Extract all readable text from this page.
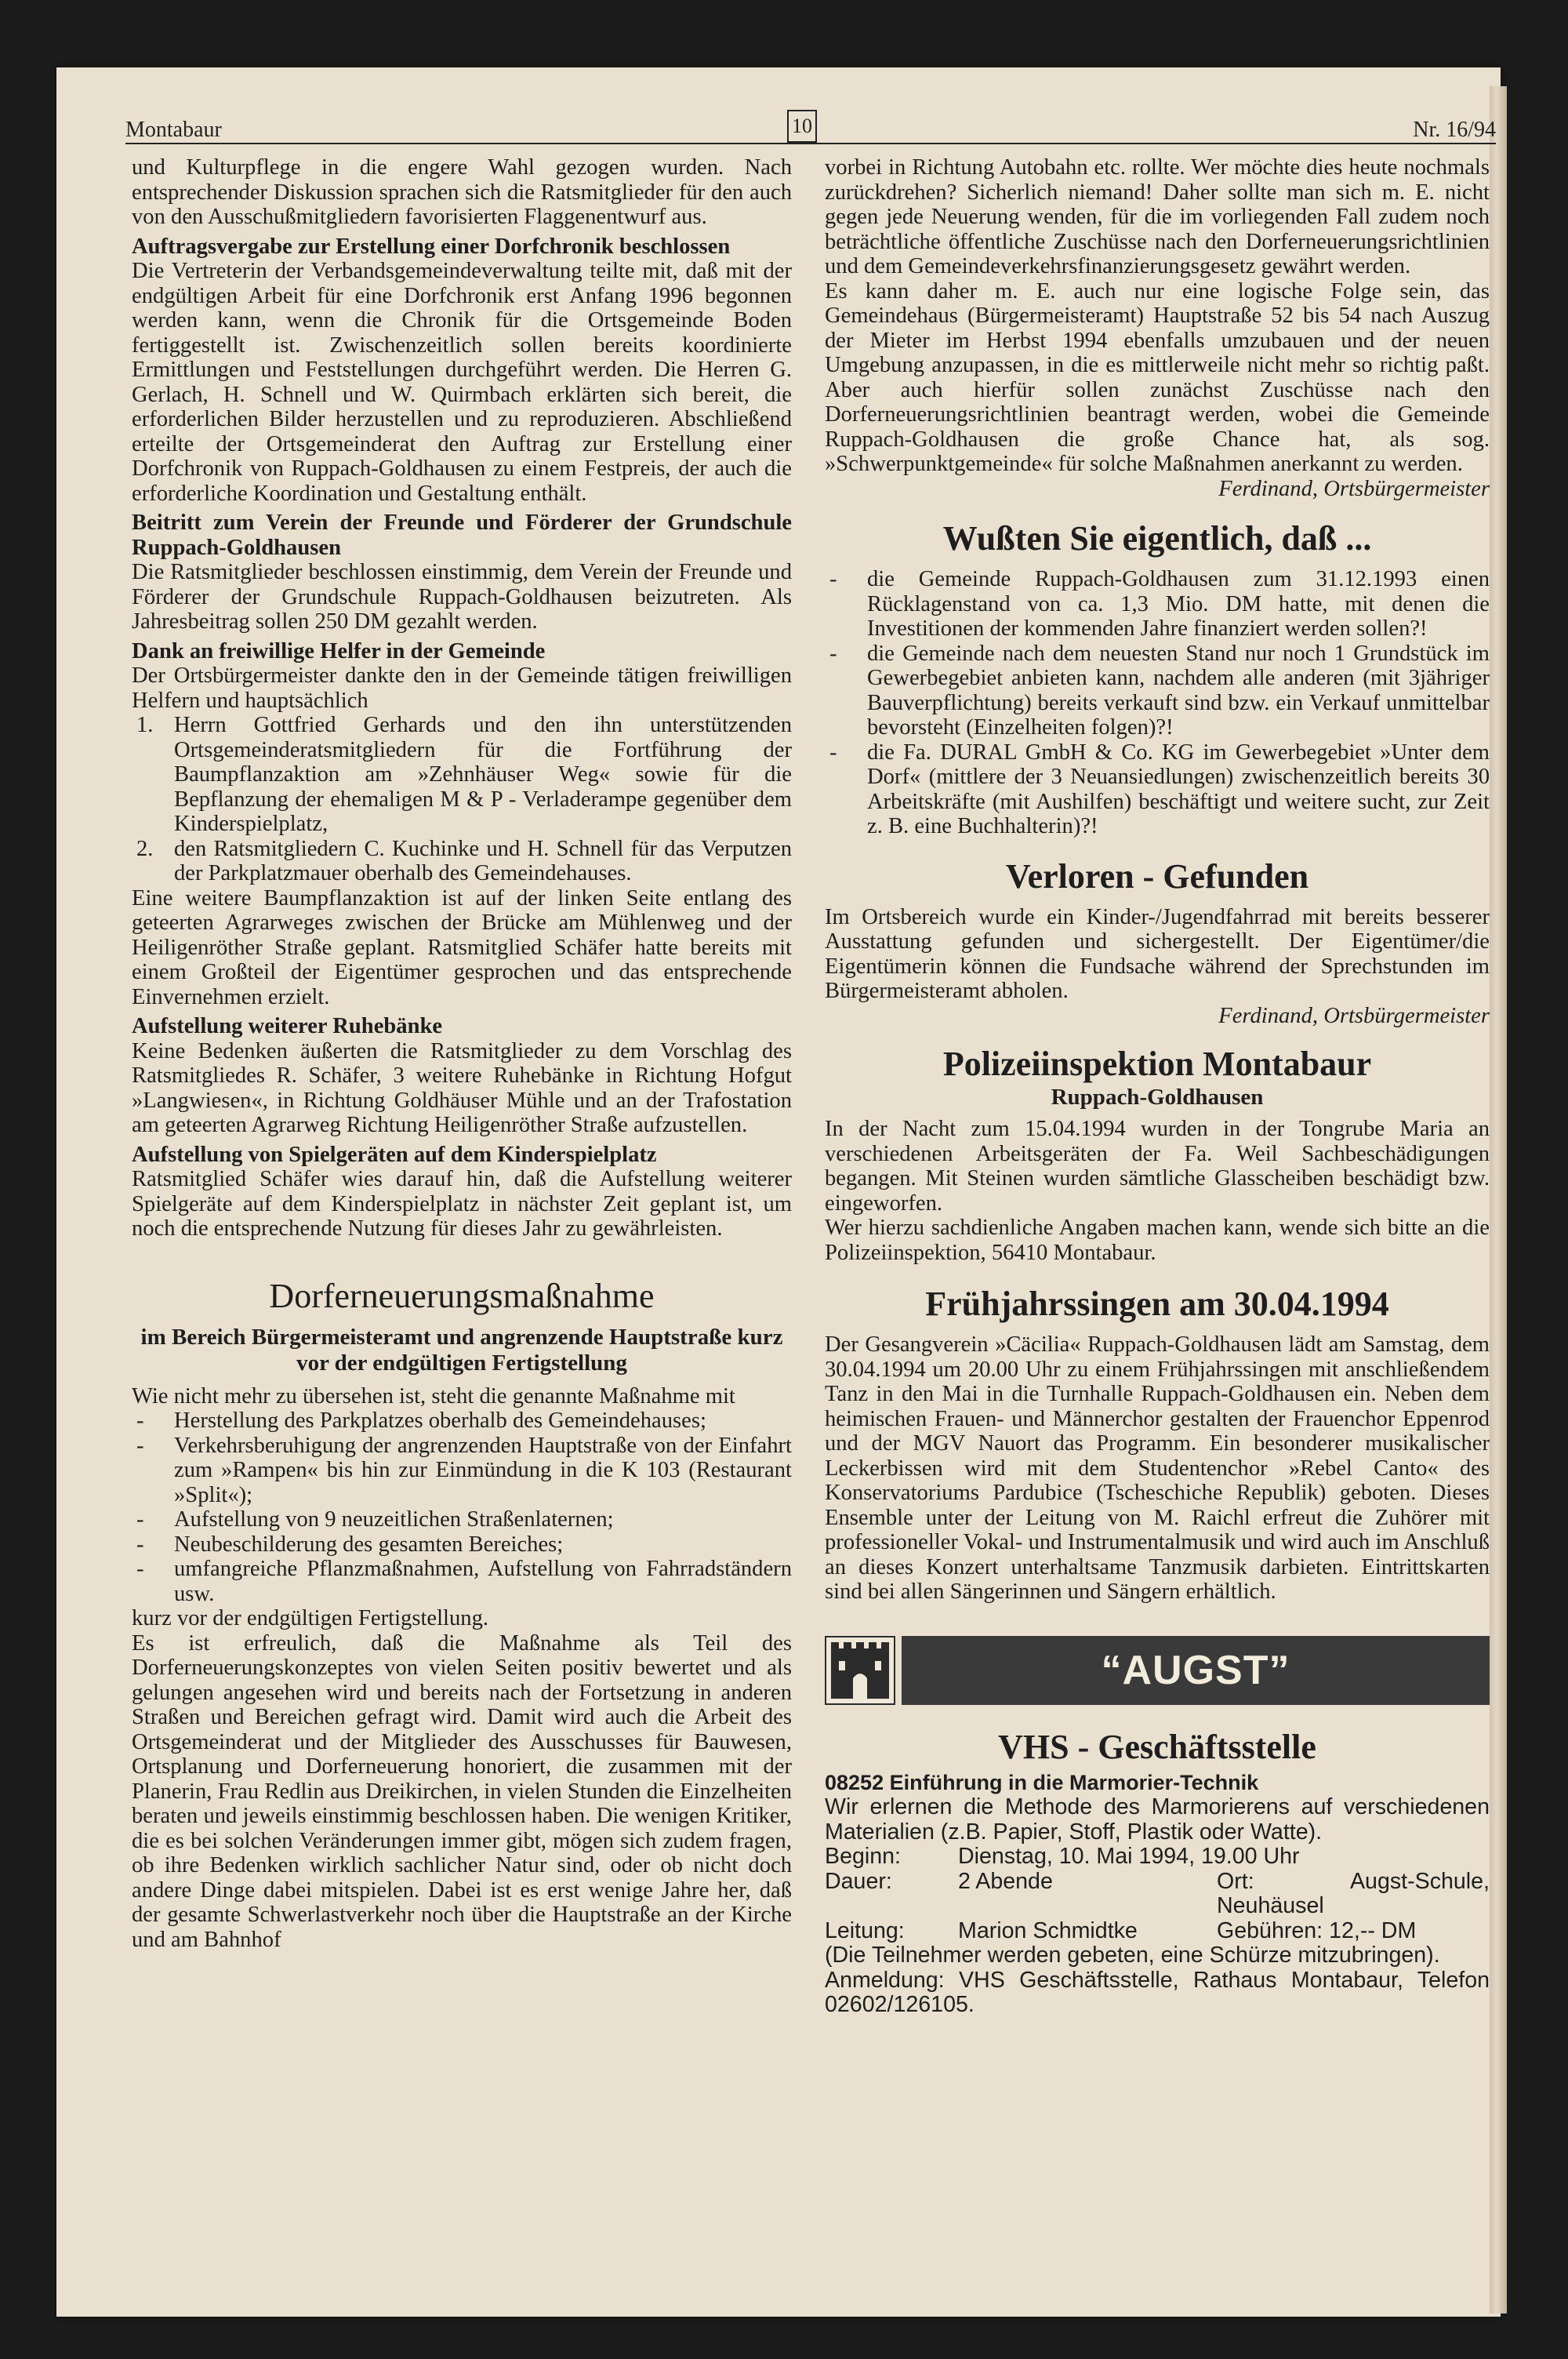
Montabaur	10	Nr. 16/94

und Kulturpflege in die engere Wahl gezogen wurden. Nach entsprechender Diskussion sprachen sich die Ratsmitglieder für den auch von den Ausschußmitgliedern favorisierten Flaggenentwurf aus.

Auftragsvergabe zur Erstellung einer Dorfchronik beschlossen

Die Vertreterin der Verbandsgemeindeverwaltung teilte mit, daß mit der endgültigen Arbeit für eine Dorfchronik erst Anfang 1996 begonnen werden kann, wenn die Chronik für die Ortsgemeinde Boden fertiggestellt ist. Zwischenzeitlich sollen bereits koordinierte Ermittlungen und Feststellungen durchgeführt werden. Die Herren G. Gerlach, H. Schnell und W. Quirmbach erklärten sich bereit, die erforderlichen Bilder herzustellen und zu reproduzieren. Abschließend erteilte der Ortsgemeinderat den Auftrag zur Erstellung einer Dorfchronik von Ruppach-Goldhausen zu einem Festpreis, der auch die erforderliche Koordination und Gestaltung enthält.

Beitritt zum Verein der Freunde und Förderer der Grundschule Ruppach-Goldhausen

Die Ratsmitglieder beschlossen einstimmig, dem Verein der Freunde und Förderer der Grundschule Ruppach-Goldhausen beizutreten. Als Jahresbeitrag sollen 250 DM gezahlt werden.

Dank an freiwillige Helfer in der Gemeinde

Der Ortsbürgermeister dankte den in der Gemeinde tätigen freiwilligen Helfern und hauptsächlich

1. Herrn Gottfried Gerhards und den ihn unterstützenden Ortsgemeinderatsmitgliedern für die Fortführung der Baumpflanzaktion am »Zehnhäuser Weg« sowie für die Bepflanzung der ehemaligen M & P - Verladerampe gegenüber dem Kinderspielplatz,
2. den Ratsmitgliedern C. Kuchinke und H. Schnell für das Verputzen der Parkplatzmauer oberhalb des Gemeindehauses.

Eine weitere Baumpflanzaktion ist auf der linken Seite entlang des geteerten Agrarweges zwischen der Brücke am Mühlenweg und der Heiligenröther Straße geplant. Ratsmitglied Schäfer hatte bereits mit einem Großteil der Eigentümer gesprochen und das entsprechende Einvernehmen erzielt.

Aufstellung weiterer Ruhebänke

Keine Bedenken äußerten die Ratsmitglieder zu dem Vorschlag des Ratsmitgliedes R. Schäfer, 3 weitere Ruhebänke in Richtung Hofgut »Langwiesen«, in Richtung Goldhäuser Mühle und an der Trafostation am geteerten Agrarweg Richtung Heiligenröther Straße aufzustellen.

Aufstellung von Spielgeräten auf dem Kinderspielplatz

Ratsmitglied Schäfer wies darauf hin, daß die Aufstellung weiterer Spielgeräte auf dem Kinderspielplatz in nächster Zeit geplant ist, um noch die entsprechende Nutzung für dieses Jahr zu gewährleisten.

Dorferneuerungsmaßnahme
im Bereich Bürgermeisteramt und angrenzende Hauptstraße kurz vor der endgültigen Fertigstellung

Wie nicht mehr zu übersehen ist, steht die genannte Maßnahme mit

-	Herstellung des Parkplatzes oberhalb des Gemeindehauses;
-	Verkehrsberuhigung der angrenzenden Hauptstraße von der Einfahrt zum »Rampen« bis hin zur Einmündung in die K 103 (Restaurant »Split«);
-	Aufstellung von 9 neuzeitlichen Straßenlaternen;
-	Neubeschilderung des gesamten Bereiches;
-	umfangreiche Pflanzmaßnahmen, Aufstellung von Fahrradständern usw.

kurz vor der endgültigen Fertigstellung.

Es ist erfreulich, daß die Maßnahme als Teil des Dorferneuerungskonzeptes von vielen Seiten positiv bewertet und als gelungen angesehen wird und bereits nach der Fortsetzung in anderen Straßen und Bereichen gefragt wird. Damit wird auch die Arbeit des Ortsgemeinderat und der Mitglieder des Ausschusses für Bauwesen, Ortsplanung und Dorferneuerung honoriert, die zusammen mit der Planerin, Frau Redlin aus Dreikirchen, in vielen Stunden die Einzelheiten beraten und jeweils einstimmig beschlossen haben. Die wenigen Kritiker, die es bei solchen Veränderungen immer gibt, mögen sich zudem fragen, ob ihre Bedenken wirklich sachlicher Natur sind, oder ob nicht doch andere Dinge dabei mitspielen. Dabei ist es erst wenige Jahre her, daß der gesamte Schwerlastverkehr noch über die Hauptstraße an der Kirche und am Bahnhof

vorbei in Richtung Autobahn etc. rollte. Wer möchte dies heute nochmals zurückdrehen? Sicherlich niemand! Daher sollte man sich m. E. nicht gegen jede Neuerung wenden, für die im vorliegenden Fall zudem noch beträchtliche öffentliche Zuschüsse nach den Dorferneuerungsrichtlinien und dem Gemeindeverkehrsfinanzierungsgesetz gewährt werden.

Es kann daher m. E. auch nur eine logische Folge sein, das Gemeindehaus (Bürgermeisteramt) Hauptstraße 52 bis 54 nach Auszug der Mieter im Herbst 1994 ebenfalls umzubauen und der neuen Umgebung anzupassen, in die es mittlerweile nicht mehr so richtig paßt. Aber auch hierfür sollen zunächst Zuschüsse nach den Dorferneuerungsrichtlinien beantragt werden, wobei die Gemeinde Ruppach-Goldhausen die große Chance hat, als sog. »Schwerpunktgemeinde« für solche Maßnahmen anerkannt zu werden.

Ferdinand, Ortsbürgermeister

Wußten Sie eigentlich, daß ...
-	die Gemeinde Ruppach-Goldhausen zum 31.12.1993 einen Rücklagenstand von ca. 1,3 Mio. DM hatte, mit denen die Investitionen der kommenden Jahre finanziert werden sollen?!
-	die Gemeinde nach dem neuesten Stand nur noch 1 Grundstück im Gewerbegebiet anbieten kann, nachdem alle anderen (mit 3jähriger Bauverpflichtung) bereits verkauft sind bzw. ein Verkauf unmittelbar bevorsteht (Einzelheiten folgen)?!
-	die Fa. DURAL GmbH & Co. KG im Gewerbegebiet »Unter dem Dorf« (mittlere der 3 Neuansiedlungen) zwischenzeitlich bereits 30 Arbeitskräfte (mit Aushilfen) beschäftigt und weitere sucht, zur Zeit z. B. eine Buchhalterin)?!
Verloren - Gefunden

Im Ortsbereich wurde ein Kinder-/Jugendfahrrad mit bereits besserer Ausstattung gefunden und sichergestellt. Der Eigentümer/die Eigentümerin können die Fundsache während der Sprechstunden im Bürgermeisteramt abholen.

Ferdinand, Ortsbürgermeister

Polizeiinspektion Montabaur
Ruppach-Goldhausen

In der Nacht zum 15.04.1994 wurden in der Tongrube Maria an verschiedenen Arbeitsgeräten der Fa. Weil Sachbeschädigungen begangen. Mit Steinen wurden sämtliche Glasscheiben beschädigt bzw. eingeworfen.

Wer hierzu sachdienliche Angaben machen kann, wende sich bitte an die Polizeiinspektion, 56410 Montabaur.

Frühjahrssingen am 30.04.1994

Der Gesangverein »Cäcilia« Ruppach-Goldhausen lädt am Samstag, dem 30.04.1994 um 20.00 Uhr zu einem Frühjahrssingen mit anschließendem Tanz in den Mai in die Turnhalle Ruppach-Goldhausen ein. Neben dem heimischen Frauen- und Männerchor gestalten der Frauenchor Eppenrod und der MGV Nauort das Programm. Ein besonderer musikalischer Leckerbissen wird mit dem Studentenchor »Rebel Canto« des Konservatoriums Pardubice (Tscheschiche Republik) geboten. Dieses Ensemble unter der Leitung von M. Raichl erfreut die Zuhörer mit professioneller Vokal- und Instrumentalmusik und wird auch im Anschluß an dieses Konzert unterhaltsame Tanzmusik darbieten. Eintrittskarten sind bei allen Sängerinnen und Sängern erhältlich.

“AUGST”
VHS - Geschäftsstelle

08252 Einführung in die Marmorier-Technik

Wir erlernen die Methode des Marmorierens auf verschiedenen Materialien (z.B. Papier, Stoff, Plastik oder Watte).

Beginn:	Dienstag, 10. Mai 1994, 19.00 Uhr	
Dauer:	2 Abende	Ort: Augst-Schule, Neuhäusel
Leitung:	Marion Schmidtke	Gebühren: 12,-- DM

(Die Teilnehmer werden gebeten, eine Schürze mitzubringen).

Anmeldung: VHS Geschäftsstelle, Rathaus Montabaur, Telefon 02602/126105.
